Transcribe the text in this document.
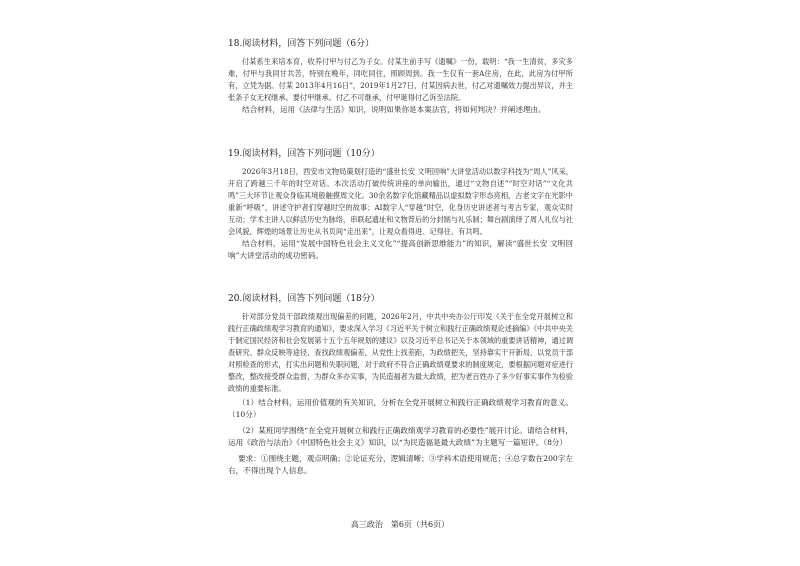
18.阅读材料，回答下列问题（6分）

付某系生来培本育，收养付甲与付乙为子女。付某生前手写《遗嘱》一份，载明：“我一生清贫，多灾多难，付甲与我同甘共苦，特别在晚年，同吃同住，照顾周到。我一生仅有一套A住房，在此，此房为付甲所有，立凭为据。付某 2013年4月16日”，2019年1月27日，付某因病去世，付乙对遗嘱效力提出异议，并主张条子女无权继承。要付甲继承。付乙不可继承，付甲诞得付乙诉至法院。

结合材料，运用《法律与生活》知识，说明如果你是本案法官，将如何判决？并阐述理由。

19.阅读材料，回答下列问题（10分）

2026年3月18日，西安市文物局策划打造的“盛世长安 文明回响”大讲堂活动以数字科技为“周人”风采，开启了跨越三千年的时空对话。本次活动打破传统讲座的单向输出，通过“文物自述”“时空对话”“文化共鸣”三大环节让观众身临其境般触摸周文化。30余名数字化馆藏精品以虚拟数字形态亮相，古老文字在光影中重新“呼吸”，讲述守护者们穿越时空的故事；AI数字人“穿越”时空，化身历史讲述者与考古专家，观众实时互动；学术主讲人以鲜活历史为脉络，串联起遗址和文物背后的分封制与礼乐制；舞台剧演绎了周人礼仪与社会风貌，辉煌的场景让历史从书页间“走出来”，让观众看得进、记得住、有共鸣。

结合材料，运用“发展中国特色社会主义文化”“提高创新思维能力”的知识，解读“盛世长安 文明回响”大讲堂活动的成功密码。

20.阅读材料，回答下列问题（18分）

针对部分党员干部政绩观出现偏差的问题，2026年2月，中共中央办公厅印发《关于在全党开展树立和践行正确政绩观学习教育的通知》，要求深入学习《习近平关于树立和践行正确政绩观论述摘编》《中共中央关于制定国民经济和社会发展第十五个五年规划的建议》以及习近平总书记关于本领域的重要讲话精神，通过调查研究、群众反映等途径，查找政绩观偏差，从党性上找差距，为政绩把关，坚持靠实干开新局，以党员干部对照检查的形式，打实出问题和失职问题，对于政府不符合正确政绩观要求的制度规定，要根据问题对症进行整改，整改接受群众监督，为群众多办实事，为民造福者为最大政绩，把为老百姓办了多少好事实事作为检验政绩的重要标准。

（1）结合材料，运用价值观的有关知识，分析在全党开展树立和践行正确政绩观学习教育的意义。（10分）

（2）某班同学围绕“在全党开展树立和践行正确政绩观学习教育的必要性”展开讨论。请结合材料，运用《政治与法治》《中国特色社会主义》知识，以“为民造福是最大政绩”为主题写一篇短评。（8分）

要求：①围绕主题，观点明确；②论证充分，逻辑清晰；③学科术语使用规范；④总字数在200字左右，不得出现个人信息。

高三政治　第6页（共6页）
